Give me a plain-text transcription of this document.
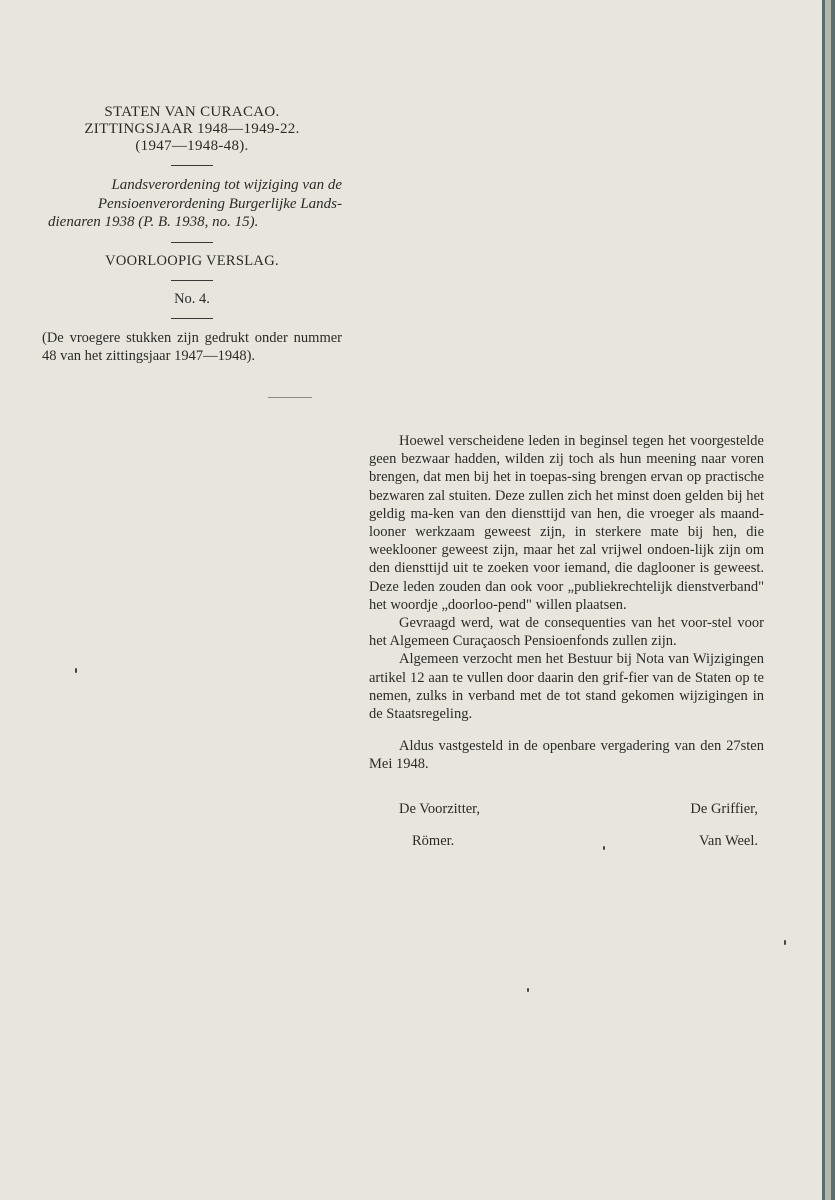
STATEN VAN CURACAO.
ZITTINGSJAAR 1948—1949-22.
(1947—1948-48).
Landsverordening tot wijziging van de
Pensioenverordening Burgerlijke Lands-
dienaren 1938 (P. B. 1938, no. 15).
VOORLOOPIG VERSLAG.
No. 4.
(De vroegere stukken zijn gedrukt onder nummer 48 van het zittingsjaar 1947—1948).

Hoewel verscheidene leden in beginsel tegen het voorgestelde geen bezwaar hadden, wilden zij toch als hun meening naar voren brengen, dat men bij het in toepas-sing brengen ervan op practische bezwaren zal stuiten. Deze zullen zich het minst doen gelden bij het geldig ma-ken van den diensttijd van hen, die vroeger als maand-looner werkzaam geweest zijn, in sterkere mate bij hen, die weeklooner geweest zijn, maar het zal vrijwel ondoen-lijk zijn om den diensttijd uit te zoeken voor iemand, die daglooner is geweest. Deze leden zouden dan ook voor „publiekrechtelijk dienstverband" het woordje „doorloo-pend" willen plaatsen.

Gevraagd werd, wat de consequenties van het voor-stel voor het Algemeen Curaçaosch Pensioenfonds zullen zijn.

Algemeen verzocht men het Bestuur bij Nota van Wijzigingen artikel 12 aan te vullen door daarin den grif-fier van de Staten op te nemen, zulks in verband met de tot stand gekomen wijzigingen in de Staatsregeling.

Aldus vastgesteld in de openbare vergadering van den 27sten Mei 1948.

De Voorzitter,	De Griffier,
Römer.	Van Weel.
